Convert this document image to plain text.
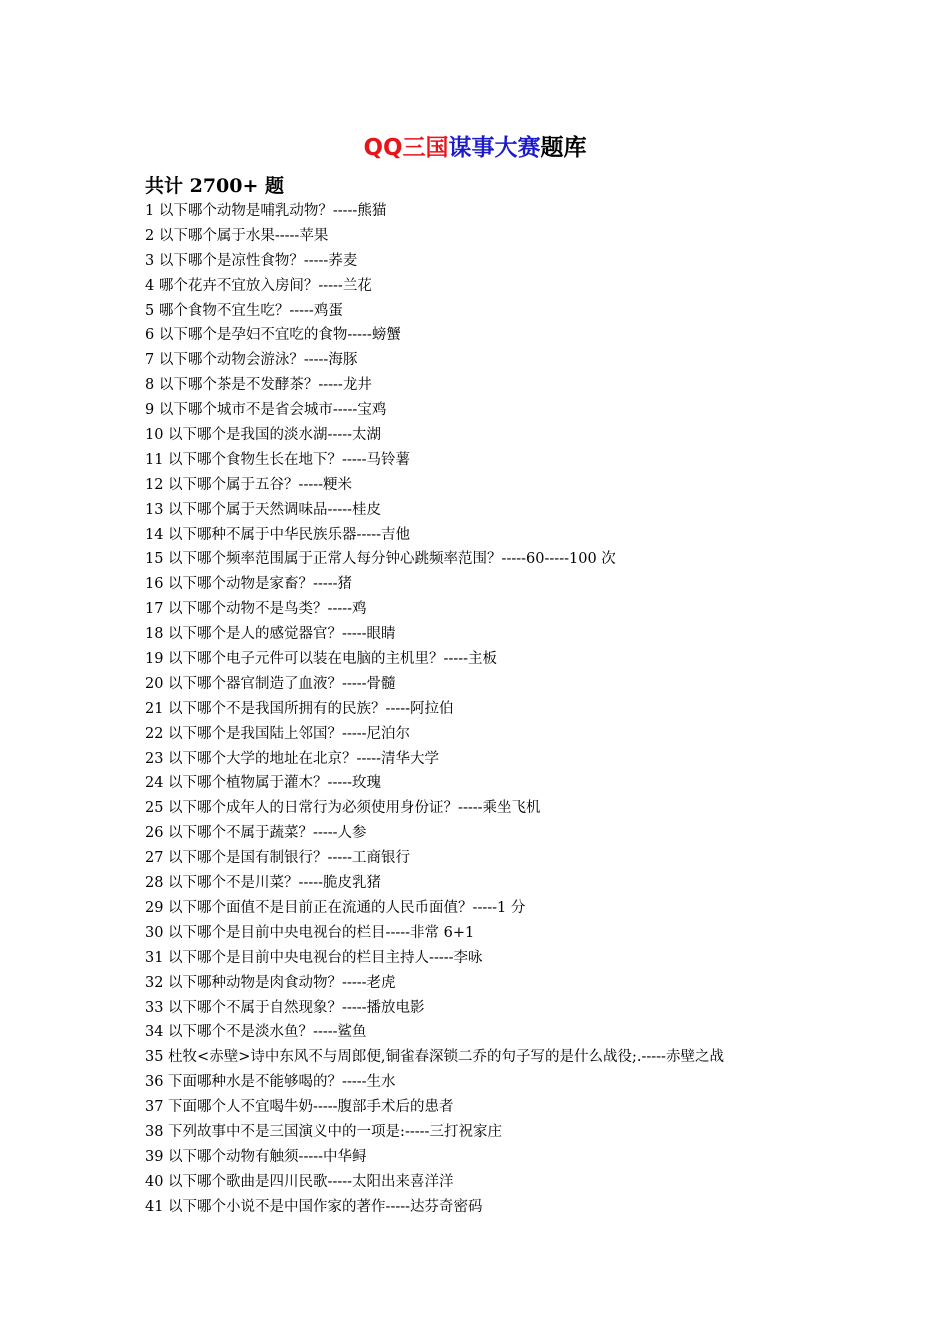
QQ三国谋事大赛题库
共计 2700+ 题
1 以下哪个动物是哺乳动物？-----熊猫
2 以下哪个属于水果-----苹果
3 以下哪个是凉性食物？-----荞麦
4 哪个花卉不宜放入房间？-----兰花
5 哪个食物不宜生吃？-----鸡蛋
6 以下哪个是孕妇不宜吃的食物-----螃蟹
7 以下哪个动物会游泳？-----海豚
8 以下哪个茶是不发酵茶？-----龙井
9 以下哪个城市不是省会城市-----宝鸡
10 以下哪个是我国的淡水湖-----太湖
11 以下哪个食物生长在地下？-----马铃薯
12 以下哪个属于五谷？-----粳米
13 以下哪个属于天然调味品-----桂皮
14 以下哪种不属于中华民族乐器-----吉他
15 以下哪个频率范围属于正常人每分钟心跳频率范围？-----60-----100 次
16 以下哪个动物是家畜？-----猪
17 以下哪个动物不是鸟类？-----鸡
18 以下哪个是人的感觉器官？-----眼睛
19 以下哪个电子元件可以装在电脑的主机里？-----主板
20 以下哪个器官制造了血液？-----骨髓
21 以下哪个不是我国所拥有的民族？-----阿拉伯
22 以下哪个是我国陆上邻国？-----尼泊尔
23 以下哪个大学的地址在北京？-----清华大学
24 以下哪个植物属于灌木？-----玫瑰
25 以下哪个成年人的日常行为必须使用身份证？-----乘坐飞机
26 以下哪个不属于蔬菜？-----人参
27 以下哪个是国有制银行？-----工商银行
28 以下哪个不是川菜？-----脆皮乳猪
29 以下哪个面值不是目前正在流通的人民币面值？-----1 分
30 以下哪个是目前中央电视台的栏目-----非常 6+1
31 以下哪个是目前中央电视台的栏目主持人-----李咏
32 以下哪种动物是肉食动物？-----老虎
33 以下哪个不属于自然现象？-----播放电影
34 以下哪个不是淡水鱼？-----鲨鱼
35 杜牧<赤壁>诗中东风不与周郎便,铜雀春深锁二乔的句子写的是什么战役;.-----赤壁之战
36 下面哪种水是不能够喝的？-----生水
37 下面哪个人不宜喝牛奶-----腹部手术后的患者
38 下列故事中不是三国演义中的一项是:-----三打祝家庄
39 以下哪个动物有触须-----中华鲟
40 以下哪个歌曲是四川民歌-----太阳出来喜洋洋
41 以下哪个小说不是中国作家的著作-----达芬奇密码
